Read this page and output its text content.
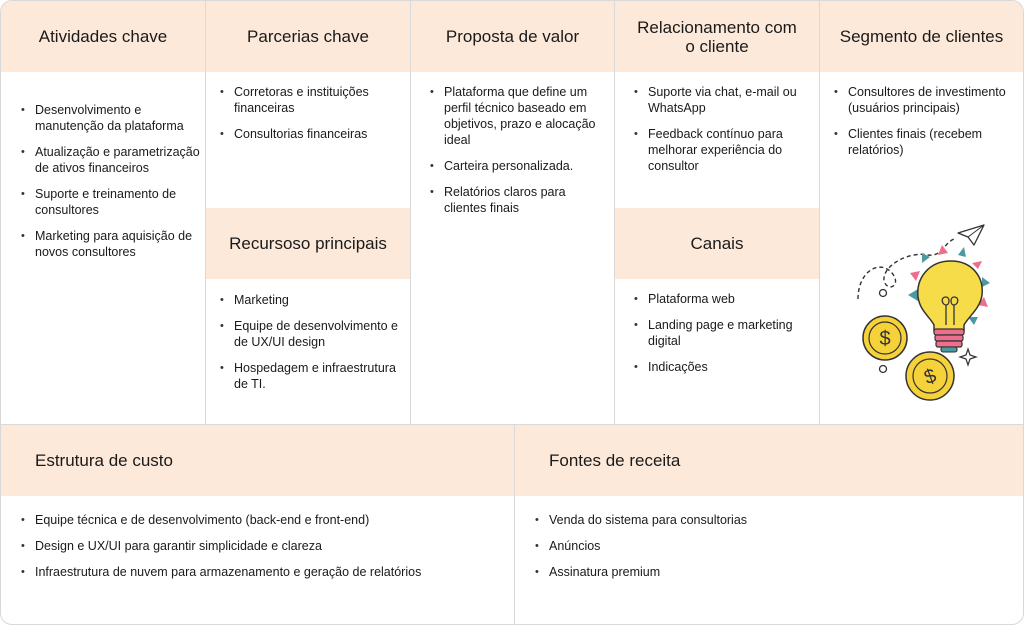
Atividades chave
• Desenvolvimento e manutenção da plataforma
• Atualização e parametrização de ativos financeiros
• Suporte e treinamento de consultores
• Marketing para aquisição de novos consultores
Parcerias chave
• Corretoras e instituições financeiras
• Consultorias financeiras
Recursoso principais
• Marketing
• Equipe de desenvolvimento e de UX/UI design
• Hospedagem e infraestrutura de TI.
Proposta de valor
• Plataforma que define um perfil técnico baseado em objetivos, prazo e alocação ideal
• Carteira personalizada.
• Relatórios claros para clientes finais
Relacionamento com o cliente
• Suporte via chat, e-mail ou WhatsApp
• Feedback contínuo para melhorar experiência do consultor
Canais
• Plataforma web
• Landing page e marketing digital
• Indicações
Segmento de clientes
• Consultores de investimento (usuários principais)
• Clientes finais (recebem relatórios)
$
$
Estrutura de custo
• Equipe técnica e de desenvolvimento (back-end e front-end)
• Design e UX/UI para garantir simplicidade e clareza
• Infraestrutura de nuvem para armazenamento e geração de relatórios
Fontes de receita
• Venda do sistema para consultorias
• Anúncios
• Assinatura premium
